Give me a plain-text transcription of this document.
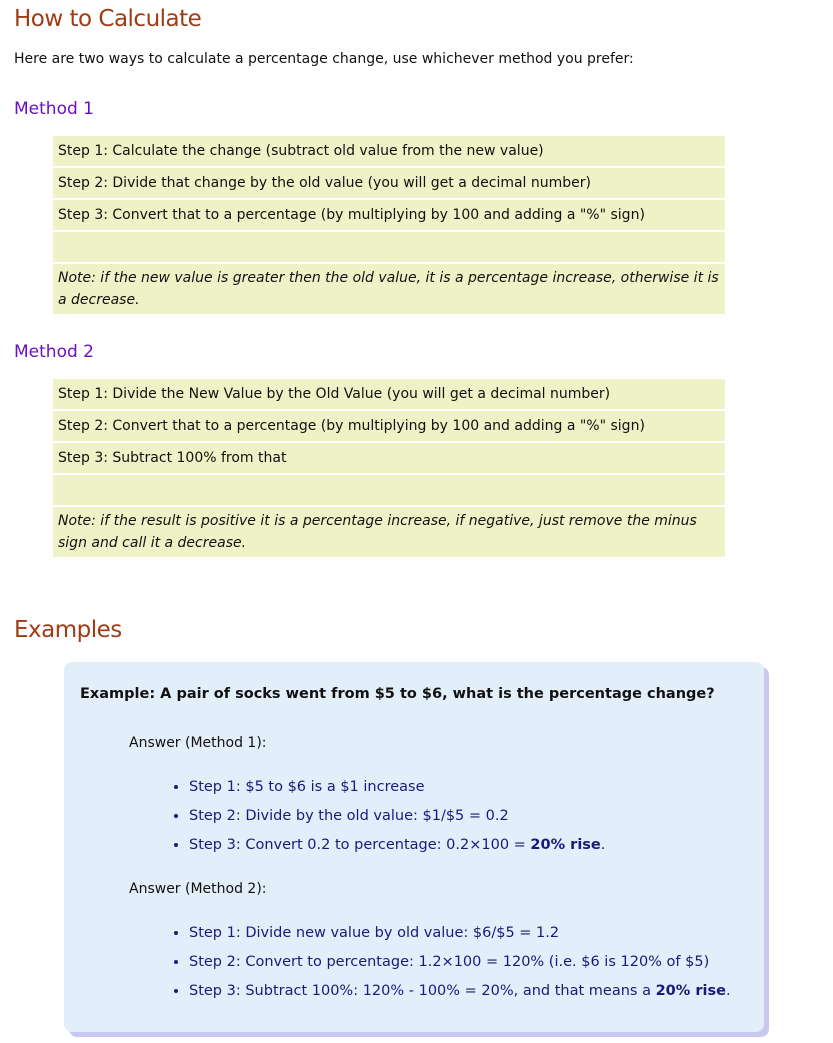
How to Calculate

Here are two ways to calculate a percentage change, use whichever method you prefer:

Method 1
Step 1: Calculate the change (subtract old value from the new value)
Step 2: Divide that change by the old value (you will get a decimal number)
Step 3: Convert that to a percentage (by multiplying by 100 and adding a "%" sign)

Note: if the new value is greater then the old value, it is a percentage increase, otherwise it is a decrease.
Method 2
Step 1: Divide the New Value by the Old Value (you will get a decimal number)
Step 2: Convert that to a percentage (by multiplying by 100 and adding a "%" sign)
Step 3: Subtract 100% from that

Note: if the result is positive it is a percentage increase, if negative, just remove the minus sign and call it a decrease.
Examples

Example: A pair of socks went from $5 to $6, what is the percentage change?

Answer (Method 1):

• Step 1: $5 to $6 is a $1 increase
• Step 2: Divide by the old value: $1/$5 = 0.2
• Step 3: Convert 0.2 to percentage: 0.2×100 = 20% rise.

Answer (Method 2):

• Step 1: Divide new value by old value: $6/$5 = 1.2
• Step 2: Convert to percentage: 1.2×100 = 120% (i.e. $6 is 120% of $5)
• Step 3: Subtract 100%: 120% - 100% = 20%, and that means a 20% rise.
